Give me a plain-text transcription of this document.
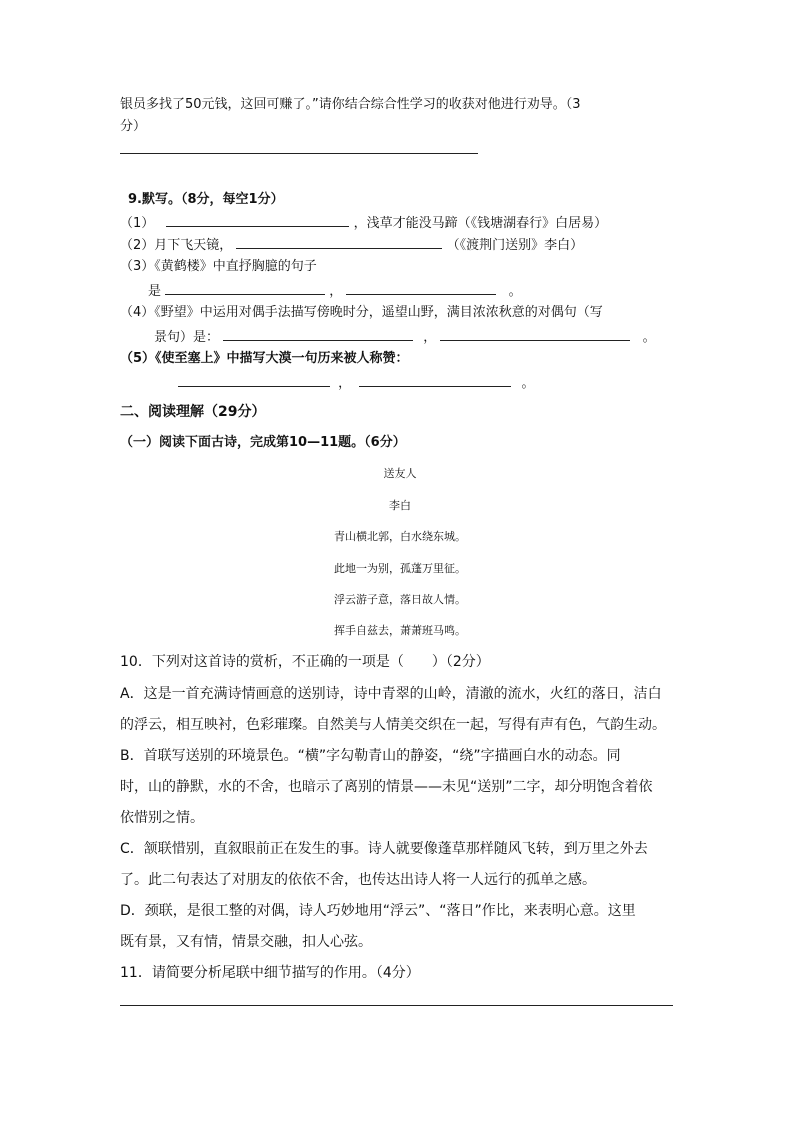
银员多找了50元钱，这回可赚了。”请你结合综合性学习的收获对他进行劝导。（3
分）
9.默写。（8分，每空1分）
（1）	，浅草才能没马蹄（《钱塘湖春行》白居易）
（2）月下飞天镜，	（《渡荆门送别》李白）
（3）《黄鹤楼》中直抒胸臆的句子
是	，	。
（4）《野望》中运用对偶手法描写傍晚时分，遥望山野，满目浓浓秋意的对偶句（写
景句）是：	，	。
（5）《使至塞上》中描写大漠一句历来被人称赞：
，	。
二、阅读理解（29分）
（一）阅读下面古诗，完成第10—11题。（6分）
送友人
李白
青山横北郭，白水绕东城。
此地一为别，孤蓬万里征。
浮云游子意，落日故人情。
挥手自兹去，萧萧班马鸣。
10．下列对这首诗的赏析，不正确的一项是（　　）（2分）
A．这是一首充满诗情画意的送别诗，诗中青翠的山岭，清澈的流水，火红的落日，洁白
的浮云，相互映衬，色彩璀璨。自然美与人情美交织在一起，写得有声有色，气韵生动。
B．首联写送别的环境景色。“横”字勾勒青山的静姿，“绕”字描画白水的动态。同
时，山的静默，水的不舍，也暗示了离别的情景——未见“送别”二字，却分明饱含着依
依惜别之情。
C．颔联惜别，直叙眼前正在发生的事。诗人就要像蓬草那样随风飞转，到万里之外去
了。此二句表达了对朋友的依依不舍，也传达出诗人将一人远行的孤单之感。
D．颈联，是很工整的对偶，诗人巧妙地用“浮云”、“落日”作比，来表明心意。这里
既有景，又有情，情景交融，扣人心弦。
11．请简要分析尾联中细节描写的作用。（4分）
